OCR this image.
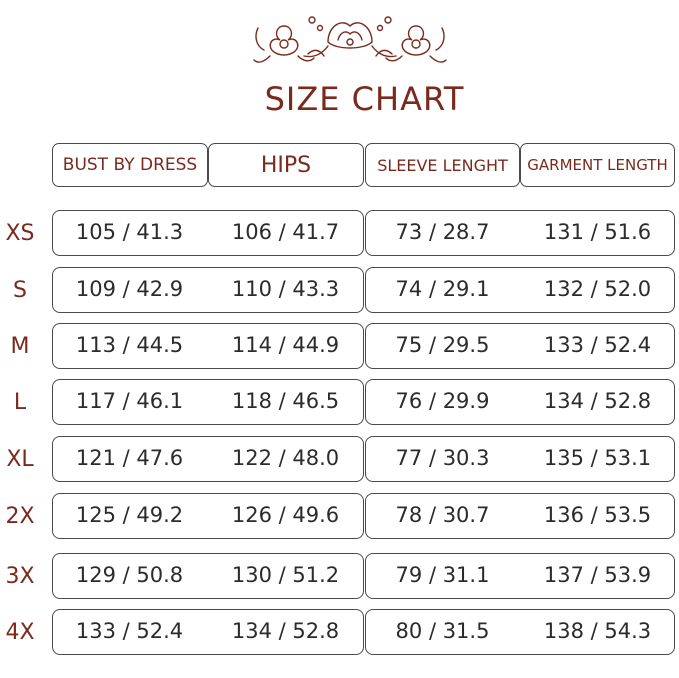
SIZE CHART
BUST BY DRESS	HIPS	SLEEVE LENGHT	GARMENT LENGTH
XS	105 / 41.3	106 / 41.7	73 / 28.7	131 / 51.6
S	109 / 42.9	110 / 43.3	74 / 29.1	132 / 52.0
M	113 / 44.5	114 / 44.9	75 / 29.5	133 / 52.4
L	117 / 46.1	118 / 46.5	76 / 29.9	134 / 52.8
XL	121 / 47.6	122 / 48.0	77 / 30.3	135 / 53.1
2X	125 / 49.2	126 / 49.6	78 / 30.7	136 / 53.5
3X	129 / 50.8	130 / 51.2	79 / 31.1	137 / 53.9
4X	133 / 52.4	134 / 52.8	80 / 31.5	138 / 54.3
